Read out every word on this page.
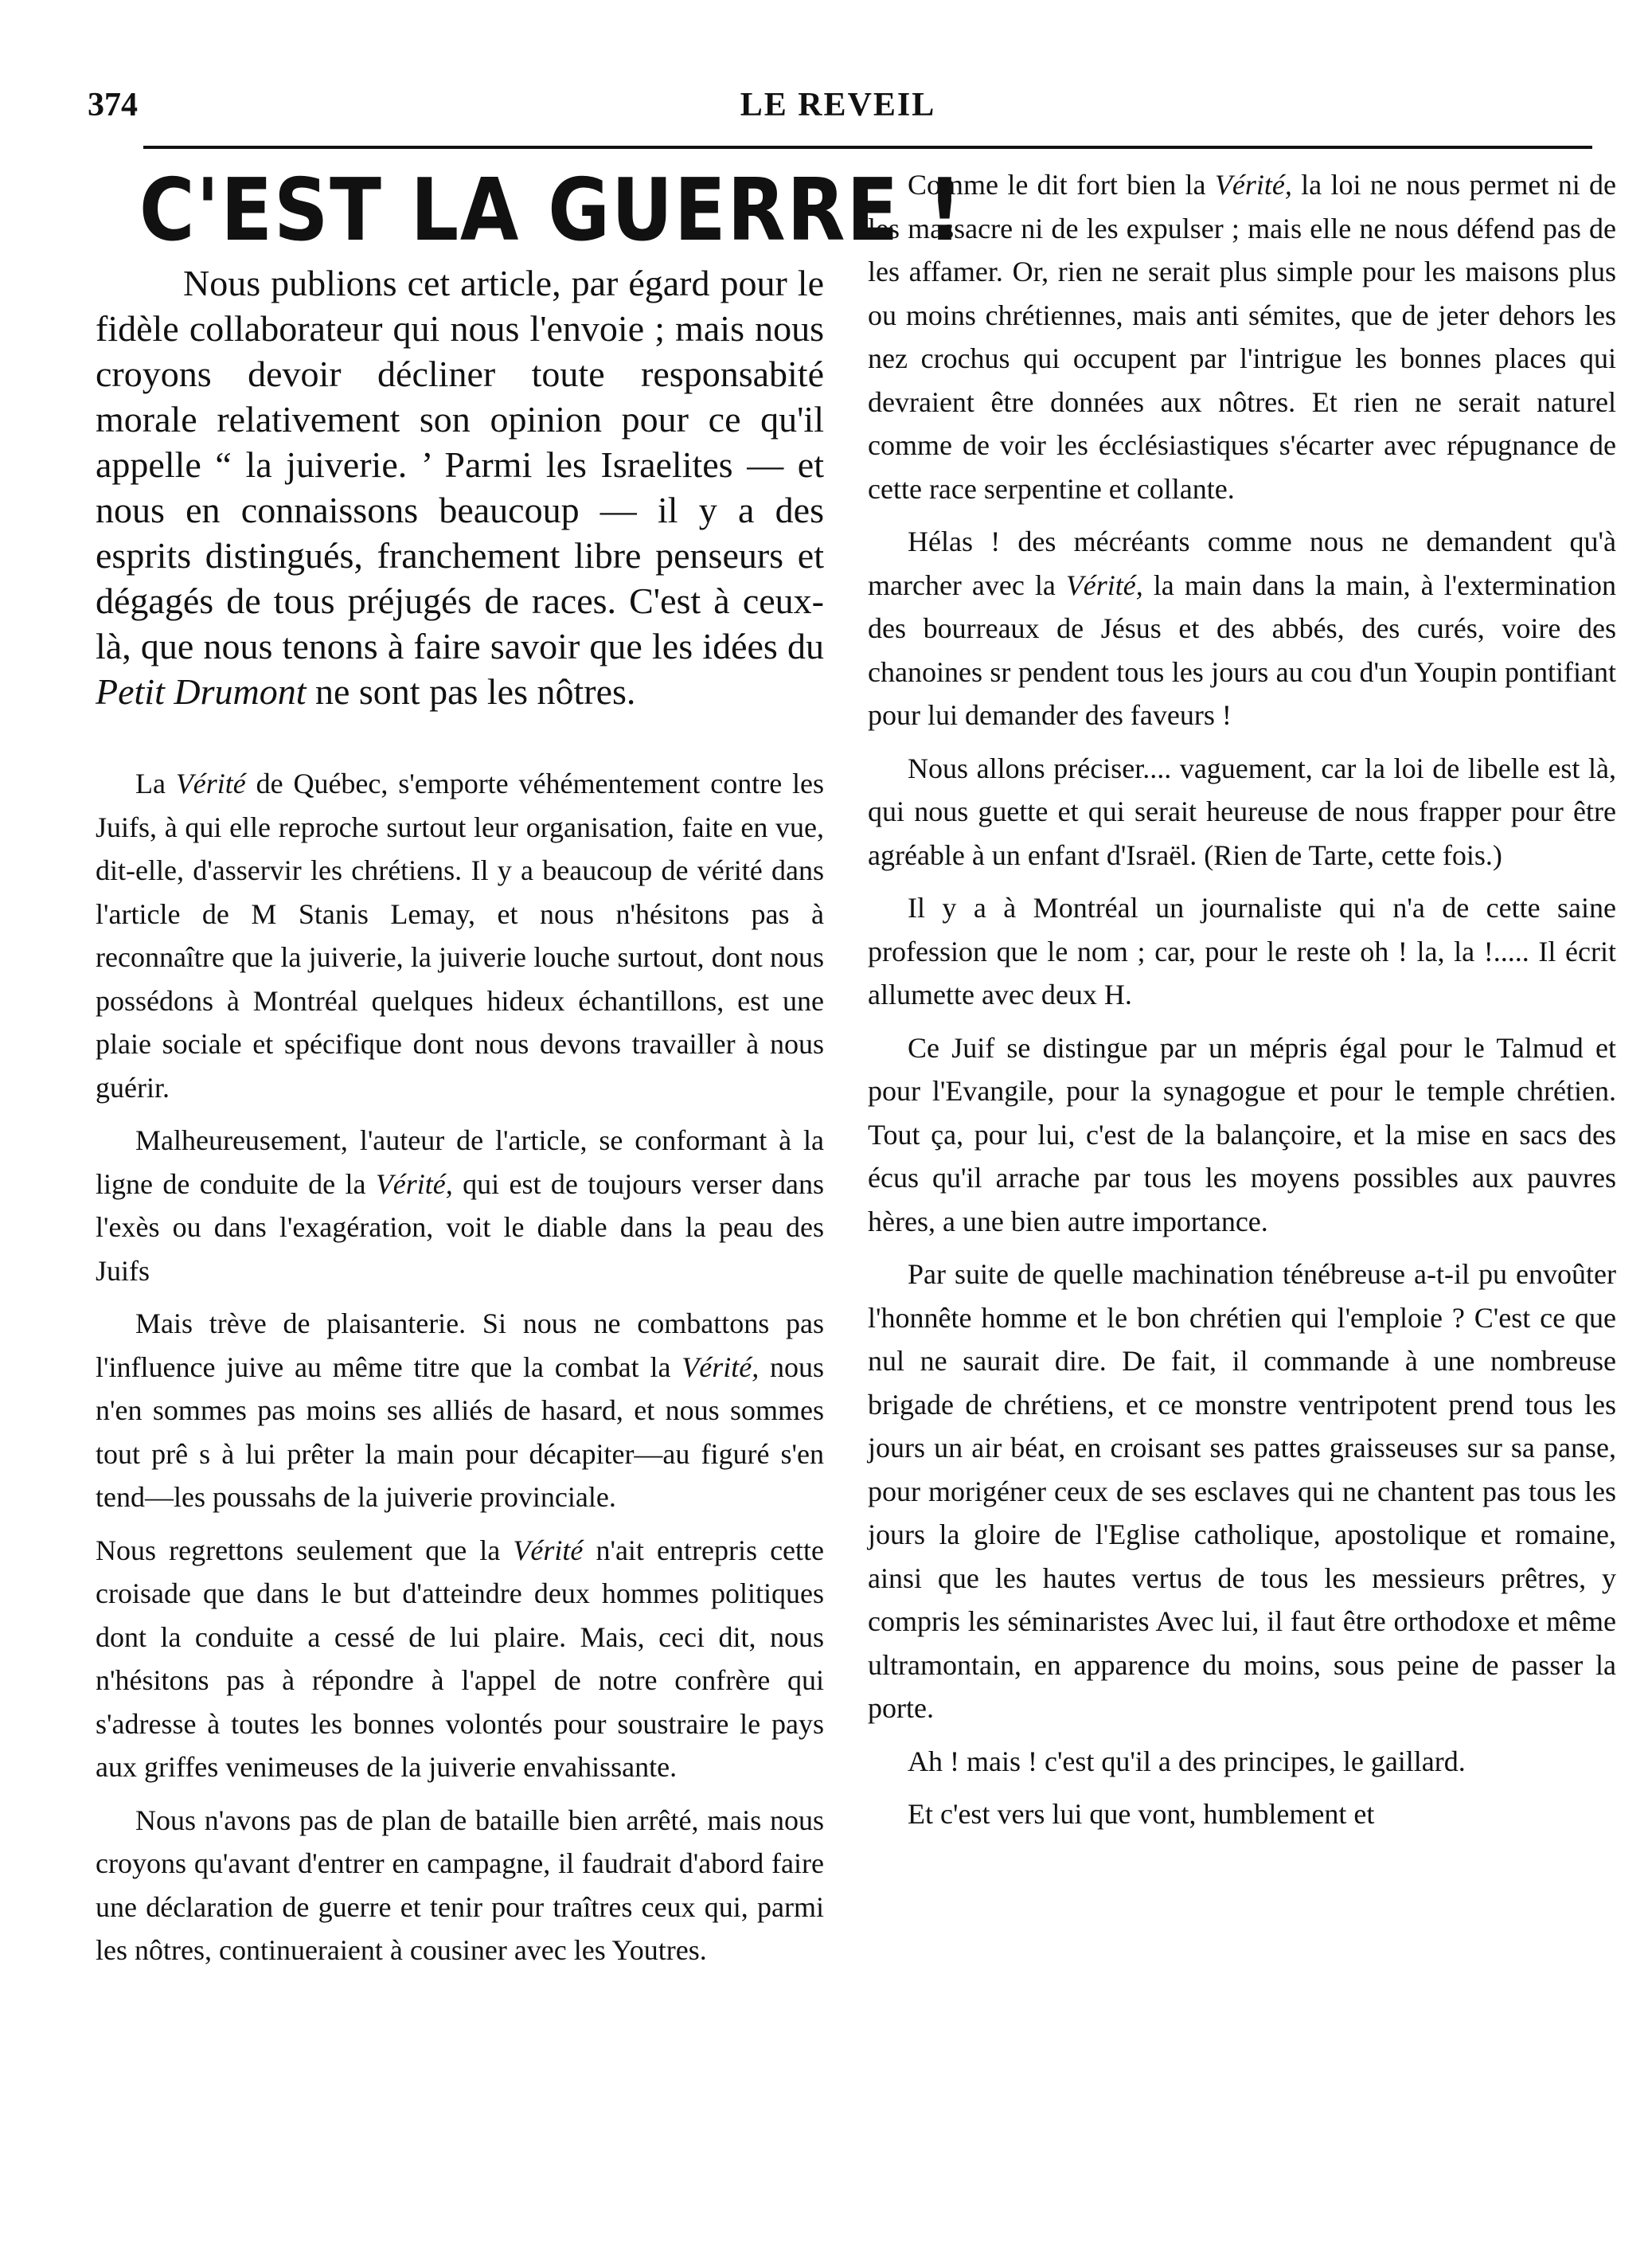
374	LE REVEIL
C'EST LA GUERRE !
Nous publions cet article, par égard pour le fidèle collaborateur qui nous l'envoie ; mais nous croyons devoir décliner toute responsabité morale relativement son opinion pour ce qu'il appelle “ la juiverie. ’ Parmi les Israelites — et nous en connaissons beaucoup — il y a des esprits distingués, franchement libre penseurs et dégagés de tous préjugés de races. C'est à ceux-là, que nous tenons à faire savoir que les idées du Petit Drumont ne sont pas les nôtres.

La Vérité de Québec, s'emporte véhémentement contre les Juifs, à qui elle reproche surtout leur organisation, faite en vue, dit-elle, d'asservir les chrétiens. Il y a beaucoup de vérité dans l'article de M Stanis Lemay, et nous n'hésitons pas à reconnaître que la juiverie, la juiverie louche surtout, dont nous possédons à Montréal quelques hideux échantillons, est une plaie sociale et spécifique dont nous devons travailler à nous guérir.

Malheureusement, l'auteur de l'article, se conformant à la ligne de conduite de la Vérité, qui est de toujours verser dans l'exès ou dans l'exagération, voit le diable dans la peau des Juifs

Mais trève de plaisanterie. Si nous ne combattons pas l'influence juive au même titre que la combat la Vérité, nous n'en sommes pas moins ses alliés de hasard, et nous sommes tout prê s à lui prêter la main pour décapiter—au figuré s'en tend—les poussahs de la juiverie provinciale.

Nous regrettons seulement que la Vérité n'ait entrepris cette croisade que dans le but d'atteindre deux hommes politiques dont la conduite a cessé de lui plaire. Mais, ceci dit, nous n'hésitons pas à répondre à l'appel de notre confrère qui s'adresse à toutes les bonnes volontés pour soustraire le pays aux griffes venimeuses de la juiverie envahissante.

Nous n'avons pas de plan de bataille bien arrêté, mais nous croyons qu'avant d'entrer en campagne, il faudrait d'abord faire une déclaration de guerre et tenir pour traîtres ceux qui, parmi les nôtres, continueraient à cousiner avec les Youtres.

Comme le dit fort bien la Vérité, la loi ne nous permet ni de les massacre ni de les expulser ; mais elle ne nous défend pas de les affamer. Or, rien ne serait plus simple pour les maisons plus ou moins chrétiennes, mais anti sémites, que de jeter dehors les nez crochus qui occupent par l'intrigue les bonnes places qui devraient être données aux nôtres. Et rien ne serait naturel comme de voir les écclésiastiques s'écarter avec répugnance de cette race serpentine et collante.

Hélas ! des mécréants comme nous ne demandent qu'à marcher avec la Vérité, la main dans la main, à l'extermination des bourreaux de Jésus et des abbés, des curés, voire des chanoines sr pendent tous les jours au cou d'un Youpin pontifiant pour lui demander des faveurs !

Nous allons préciser.... vaguement, car la loi de libelle est là, qui nous guette et qui serait heureuse de nous frapper pour être agréable à un enfant d'Israël. (Rien de Tarte, cette fois.)

Il y a à Montréal un journaliste qui n'a de cette saine profession que le nom ; car, pour le reste oh ! la, la !..... Il écrit allumette avec deux H.

Ce Juif se distingue par un mépris égal pour le Talmud et pour l'Evangile, pour la synagogue et pour le temple chrétien. Tout ça, pour lui, c'est de la balançoire, et la mise en sacs des écus qu'il arrache par tous les moyens possibles aux pauvres hères, a une bien autre importance.

Par suite de quelle machination ténébreuse a-t-il pu envoûter l'honnête homme et le bon chrétien qui l'emploie ? C'est ce que nul ne saurait dire. De fait, il commande à une nombreuse brigade de chrétiens, et ce monstre ventripotent prend tous les jours un air béat, en croisant ses pattes graisseuses sur sa panse, pour morigéner ceux de ses esclaves qui ne chantent pas tous les jours la gloire de l'Eglise catholique, apostolique et romaine, ainsi que les hautes vertus de tous les messieurs prêtres, y compris les séminaristes Avec lui, il faut être orthodoxe et même ultramontain, en apparence du moins, sous peine de passer la porte.

Ah ! mais ! c'est qu'il a des principes, le gaillard.

Et c'est vers lui que vont, humblement et
